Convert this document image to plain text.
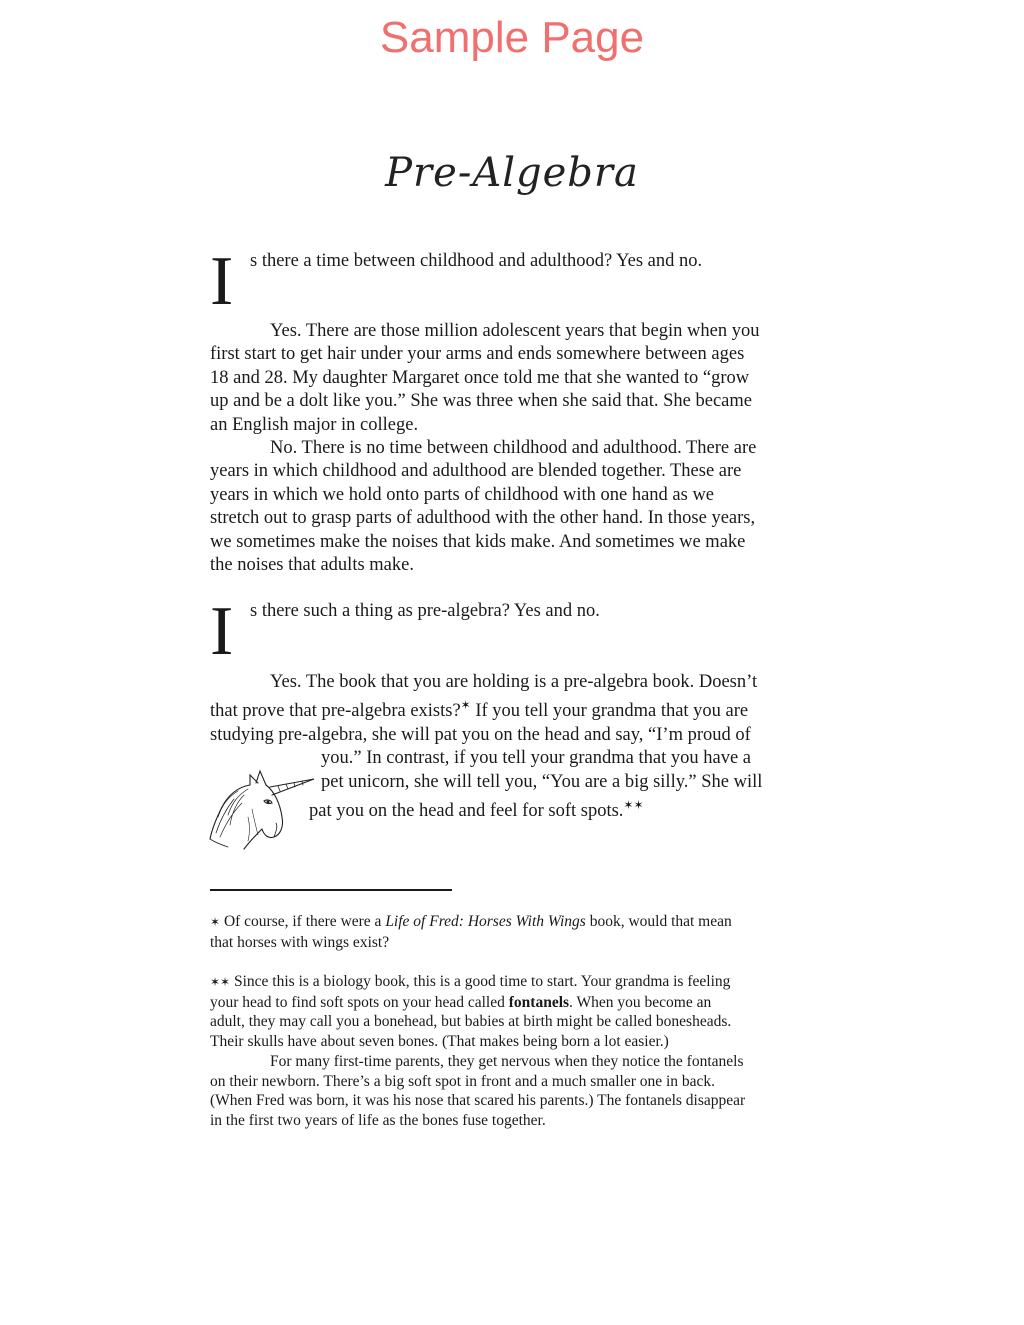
Sample Page
Pre-Algebra
I s there a time between childhood and adulthood? Yes and no.
Yes. There are those million adolescent years that begin when you
first start to get hair under your arms and ends somewhere between ages
18 and 28. My daughter Margaret once told me that she wanted to “grow
up and be a dolt like you.” She was three when she said that. She became
an English major in college.
No. There is no time between childhood and adulthood. There are
years in which childhood and adulthood are blended together. These are
years in which we hold onto parts of childhood with one hand as we
stretch out to grasp parts of adulthood with the other hand. In those years,
we sometimes make the noises that kids make. And sometimes we make
the noises that adults make.
I s there such a thing as pre-algebra? Yes and no.
Yes. The book that you are holding is a pre-algebra book. Doesn’t
that prove that pre-algebra exists?✶ If you tell your grandma that you are
studying pre-algebra, she will pat you on the head and say, “I’m proud of
you.” In contrast, if you tell your grandma that you have a
pet unicorn, she will tell you, “You are a big silly.” She will
pat you on the head and feel for soft spots.✶✶
✶ Of course, if there were a Life of Fred: Horses With Wings book, would that mean
that horses with wings exist?
✶✶ Since this is a biology book, this is a good time to start. Your grandma is feeling
your head to find soft spots on your head called fontanels. When you become an
adult, they may call you a bonehead, but babies at birth might be called bonesheads.
Their skulls have about seven bones. (That makes being born a lot easier.)
For many first-time parents, they get nervous when they notice the fontanels
on their newborn. There’s a big soft spot in front and a much smaller one in back.
(When Fred was born, it was his nose that scared his parents.) The fontanels disappear
in the first two years of life as the bones fuse together.
